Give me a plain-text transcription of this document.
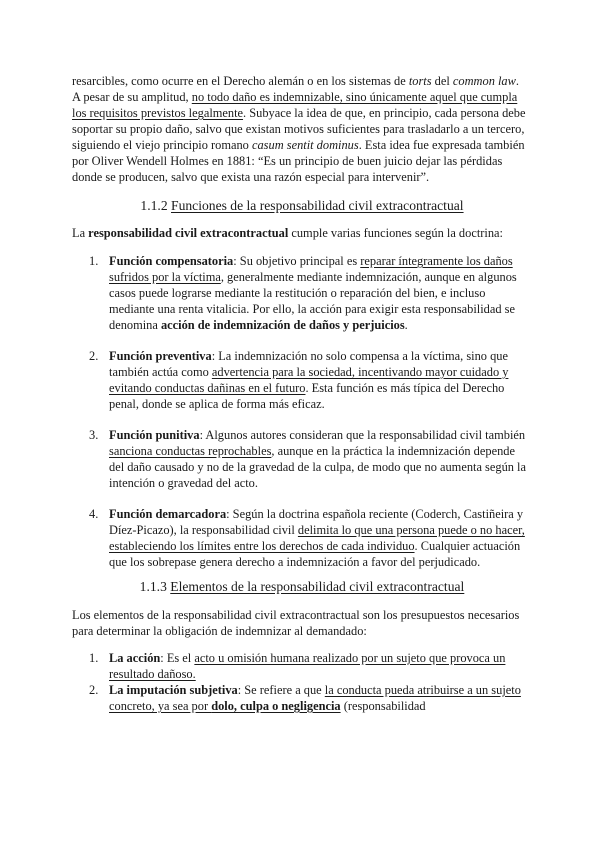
resarcibles, como ocurre en el Derecho alemán o en los sistemas de torts del common law.

A pesar de su amplitud, no todo daño es indemnizable, sino únicamente aquel que cumpla los requisitos previstos legalmente. Subyace la idea de que, en principio, cada persona debe soportar su propio daño, salvo que existan motivos suficientes para trasladarlo a un tercero, siguiendo el viejo principio romano casum sentit dominus. Esta idea fue expresada también por Oliver Wendell Holmes en 1881: “Es un principio de buen juicio dejar las pérdidas donde se producen, salvo que exista una razón especial para intervenir”.

1.1.2 Funciones de la responsabilidad civil extracontractual

La responsabilidad civil extracontractual cumple varias funciones según la doctrina:

1. Función compensatoria: Su objetivo principal es reparar íntegramente los daños sufridos por la víctima, generalmente mediante indemnización, aunque en algunos casos puede lograrse mediante la restitución o reparación del bien, e incluso mediante una renta vitalicia. Por ello, la acción para exigir esta responsabilidad se denomina acción de indemnización de daños y perjuicios.
2. Función preventiva: La indemnización no solo compensa a la víctima, sino que también actúa como advertencia para la sociedad, incentivando mayor cuidado y evitando conductas dañinas en el futuro. Esta función es más típica del Derecho penal, donde se aplica de forma más eficaz.
3. Función punitiva: Algunos autores consideran que la responsabilidad civil también sanciona conductas reprochables, aunque en la práctica la indemnización depende del daño causado y no de la gravedad de la culpa, de modo que no aumenta según la intención o gravedad del acto.
4. Función demarcadora: Según la doctrina española reciente (Coderch, Castiñeira y Díez-Picazo), la responsabilidad civil delimita lo que una persona puede o no hacer, estableciendo los límites entre los derechos de cada individuo. Cualquier actuación que los sobrepase genera derecho a indemnización a favor del perjudicado.

1.1.3 Elementos de la responsabilidad civil extracontractual

Los elementos de la responsabilidad civil extracontractual son los presupuestos necesarios para determinar la obligación de indemnizar al demandado:

1. La acción: Es el acto u omisión humana realizado por un sujeto que provoca un resultado dañoso.
2. La imputación subjetiva: Se refiere a que la conducta pueda atribuirse a un sujeto concreto, ya sea por dolo, culpa o negligencia (responsabilidad
